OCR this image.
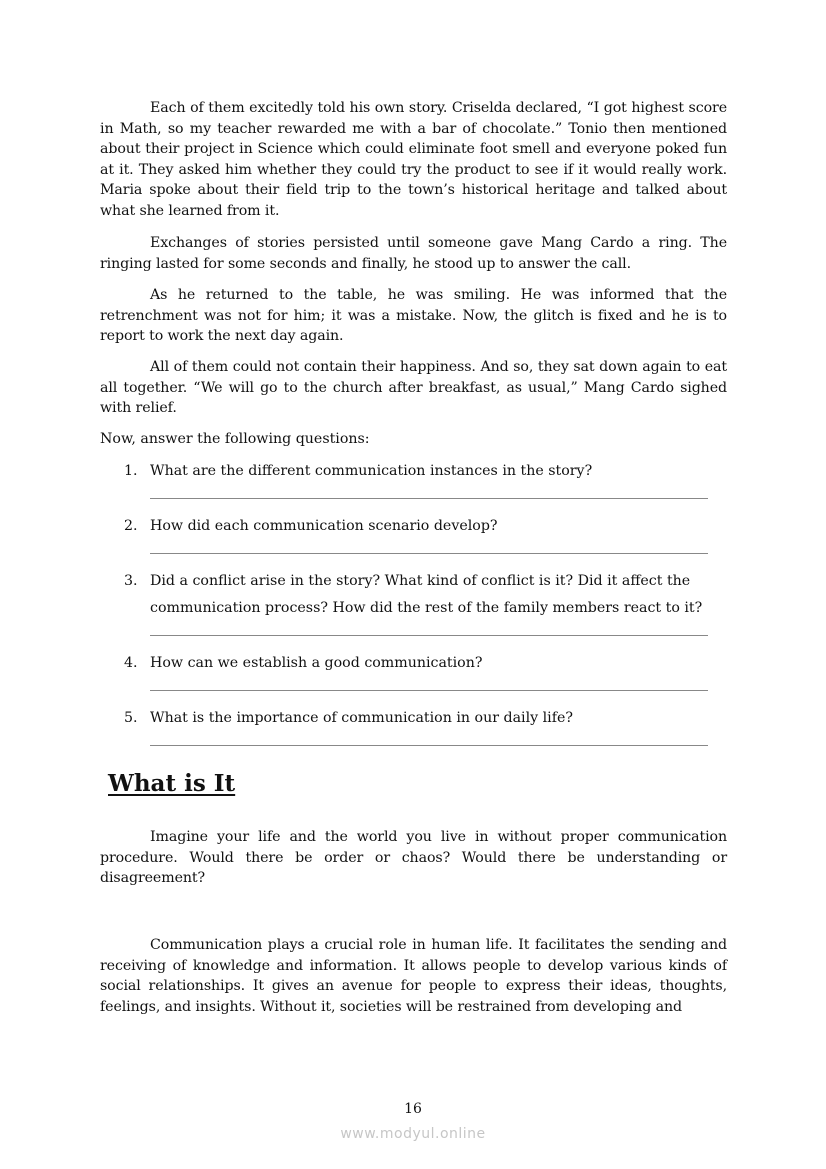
Each of them excitedly told his own story. Criselda declared, “I got highest score in Math, so my teacher rewarded me with a bar of chocolate.” Tonio then mentioned about their project in Science which could eliminate foot smell and everyone poked fun at it. They asked him whether they could try the product to see if it would really work. Maria spoke about their field trip to the town’s historical heritage and talked about what she learned from it.

Exchanges of stories persisted until someone gave Mang Cardo a ring. The ringing lasted for some seconds and finally, he stood up to answer the call.

As he returned to the table, he was smiling. He was informed that the retrenchment was not for him; it was a mistake. Now, the glitch is fixed and he is to report to work the next day again.

All of them could not contain their happiness. And so, they sat down again to eat all together. “We will go to the church after breakfast, as usual,” Mang Cardo sighed with relief.

Now, answer the following questions:

1. What are the different communication instances in the story?
2. How did each communication scenario develop?
3. Did a conflict arise in the story? What kind of conflict is it? Did it affect the communication process? How did the rest of the family members react to it?
4. How can we establish a good communication?
5. What is the importance of communication in our daily life?
What is It

Imagine your life and the world you live in without proper communication procedure. Would there be order or chaos? Would there be understanding or disagreement?

Communication plays a crucial role in human life. It facilitates the sending and receiving of knowledge and information. It allows people to develop various kinds of social relationships. It gives an avenue for people to express their ideas, thoughts, feelings, and insights. Without it, societies will be restrained from developing and

16
www.modyul.online
